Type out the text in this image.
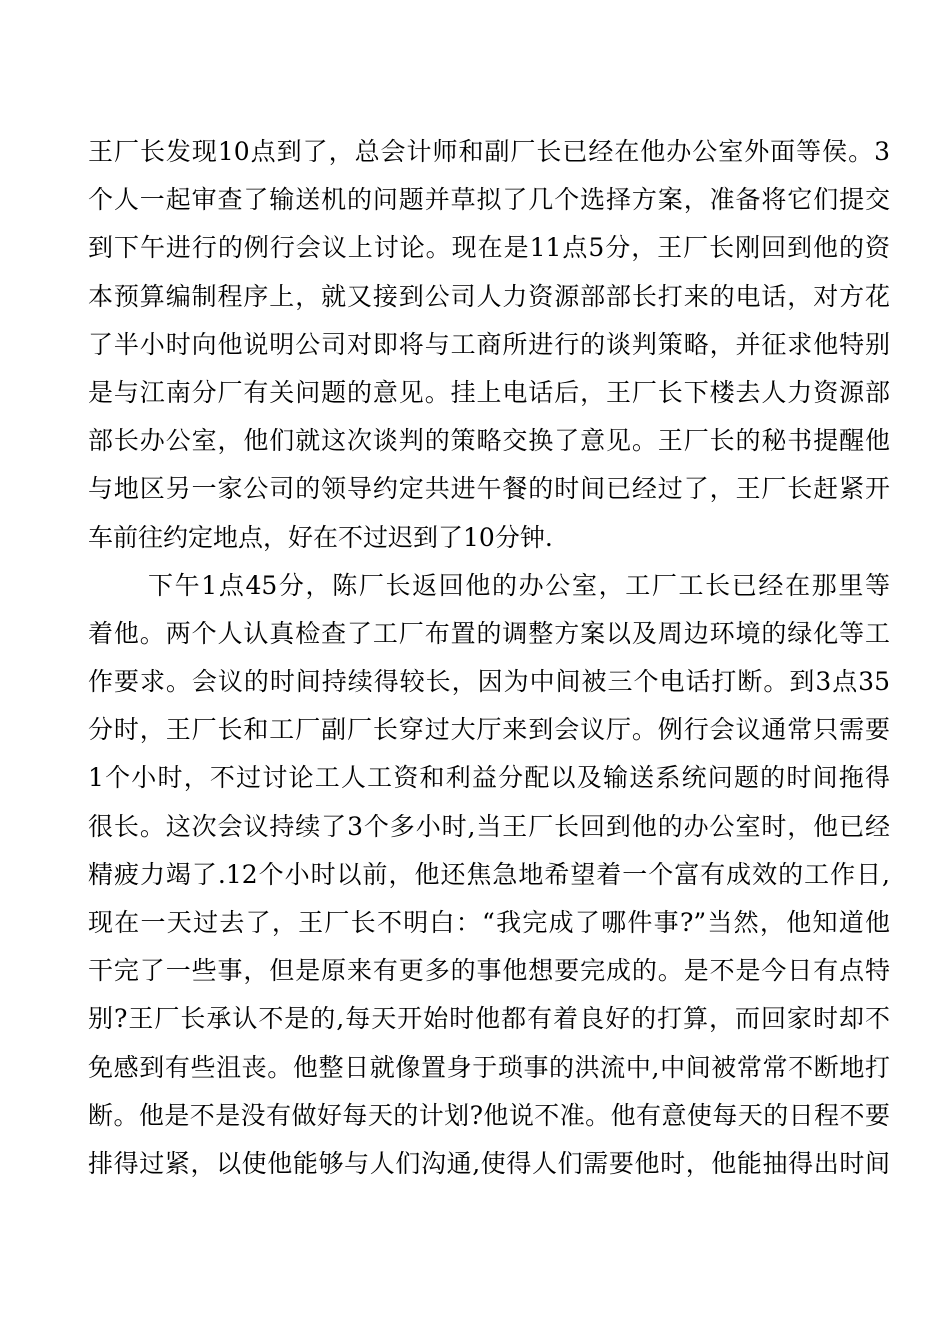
王厂长发现10点到了，总会计师和副厂长已经在他办公室外面等侯。3
个人一起审查了输送机的问题并草拟了几个选择方案，准备将它们提交
到下午进行的例行会议上讨论。现在是11点5分，王厂长刚回到他的资
本预算编制程序上，就又接到公司人力资源部部长打来的电话，对方花
了半小时向他说明公司对即将与工商所进行的谈判策略，并征求他特别
是与江南分厂有关问题的意见。挂上电话后，王厂长下楼去人力资源部
部长办公室，他们就这次谈判的策略交换了意见。王厂长的秘书提醒他
与地区另一家公司的领导约定共进午餐的时间已经过了，王厂长赶紧开
车前往约定地点，好在不过迟到了10分钟.
下午1点45分，陈厂长返回他的办公室，工厂工长已经在那里等
着他。两个人认真检查了工厂布置的调整方案以及周边环境的绿化等工
作要求。会议的时间持续得较长，因为中间被三个电话打断。到3点35
分时，王厂长和工厂副厂长穿过大厅来到会议厅。例行会议通常只需要
1个小时，不过讨论工人工资和利益分配以及输送系统问题的时间拖得
很长。这次会议持续了3个多小时,当王厂长回到他的办公室时，他已经
精疲力竭了.12个小时以前，他还焦急地希望着一个富有成效的工作日,
现在一天过去了，王厂长不明白：“我完成了哪件事?”当然，他知道他
干完了一些事，但是原来有更多的事他想要完成的。是不是今日有点特
别?王厂长承认不是的,每天开始时他都有着良好的打算，而回家时却不
免感到有些沮丧。他整日就像置身于琐事的洪流中,中间被常常不断地打
断。他是不是没有做好每天的计划?他说不准。他有意使每天的日程不要
排得过紧，以使他能够与人们沟通,使得人们需要他时，他能抽得出时间
